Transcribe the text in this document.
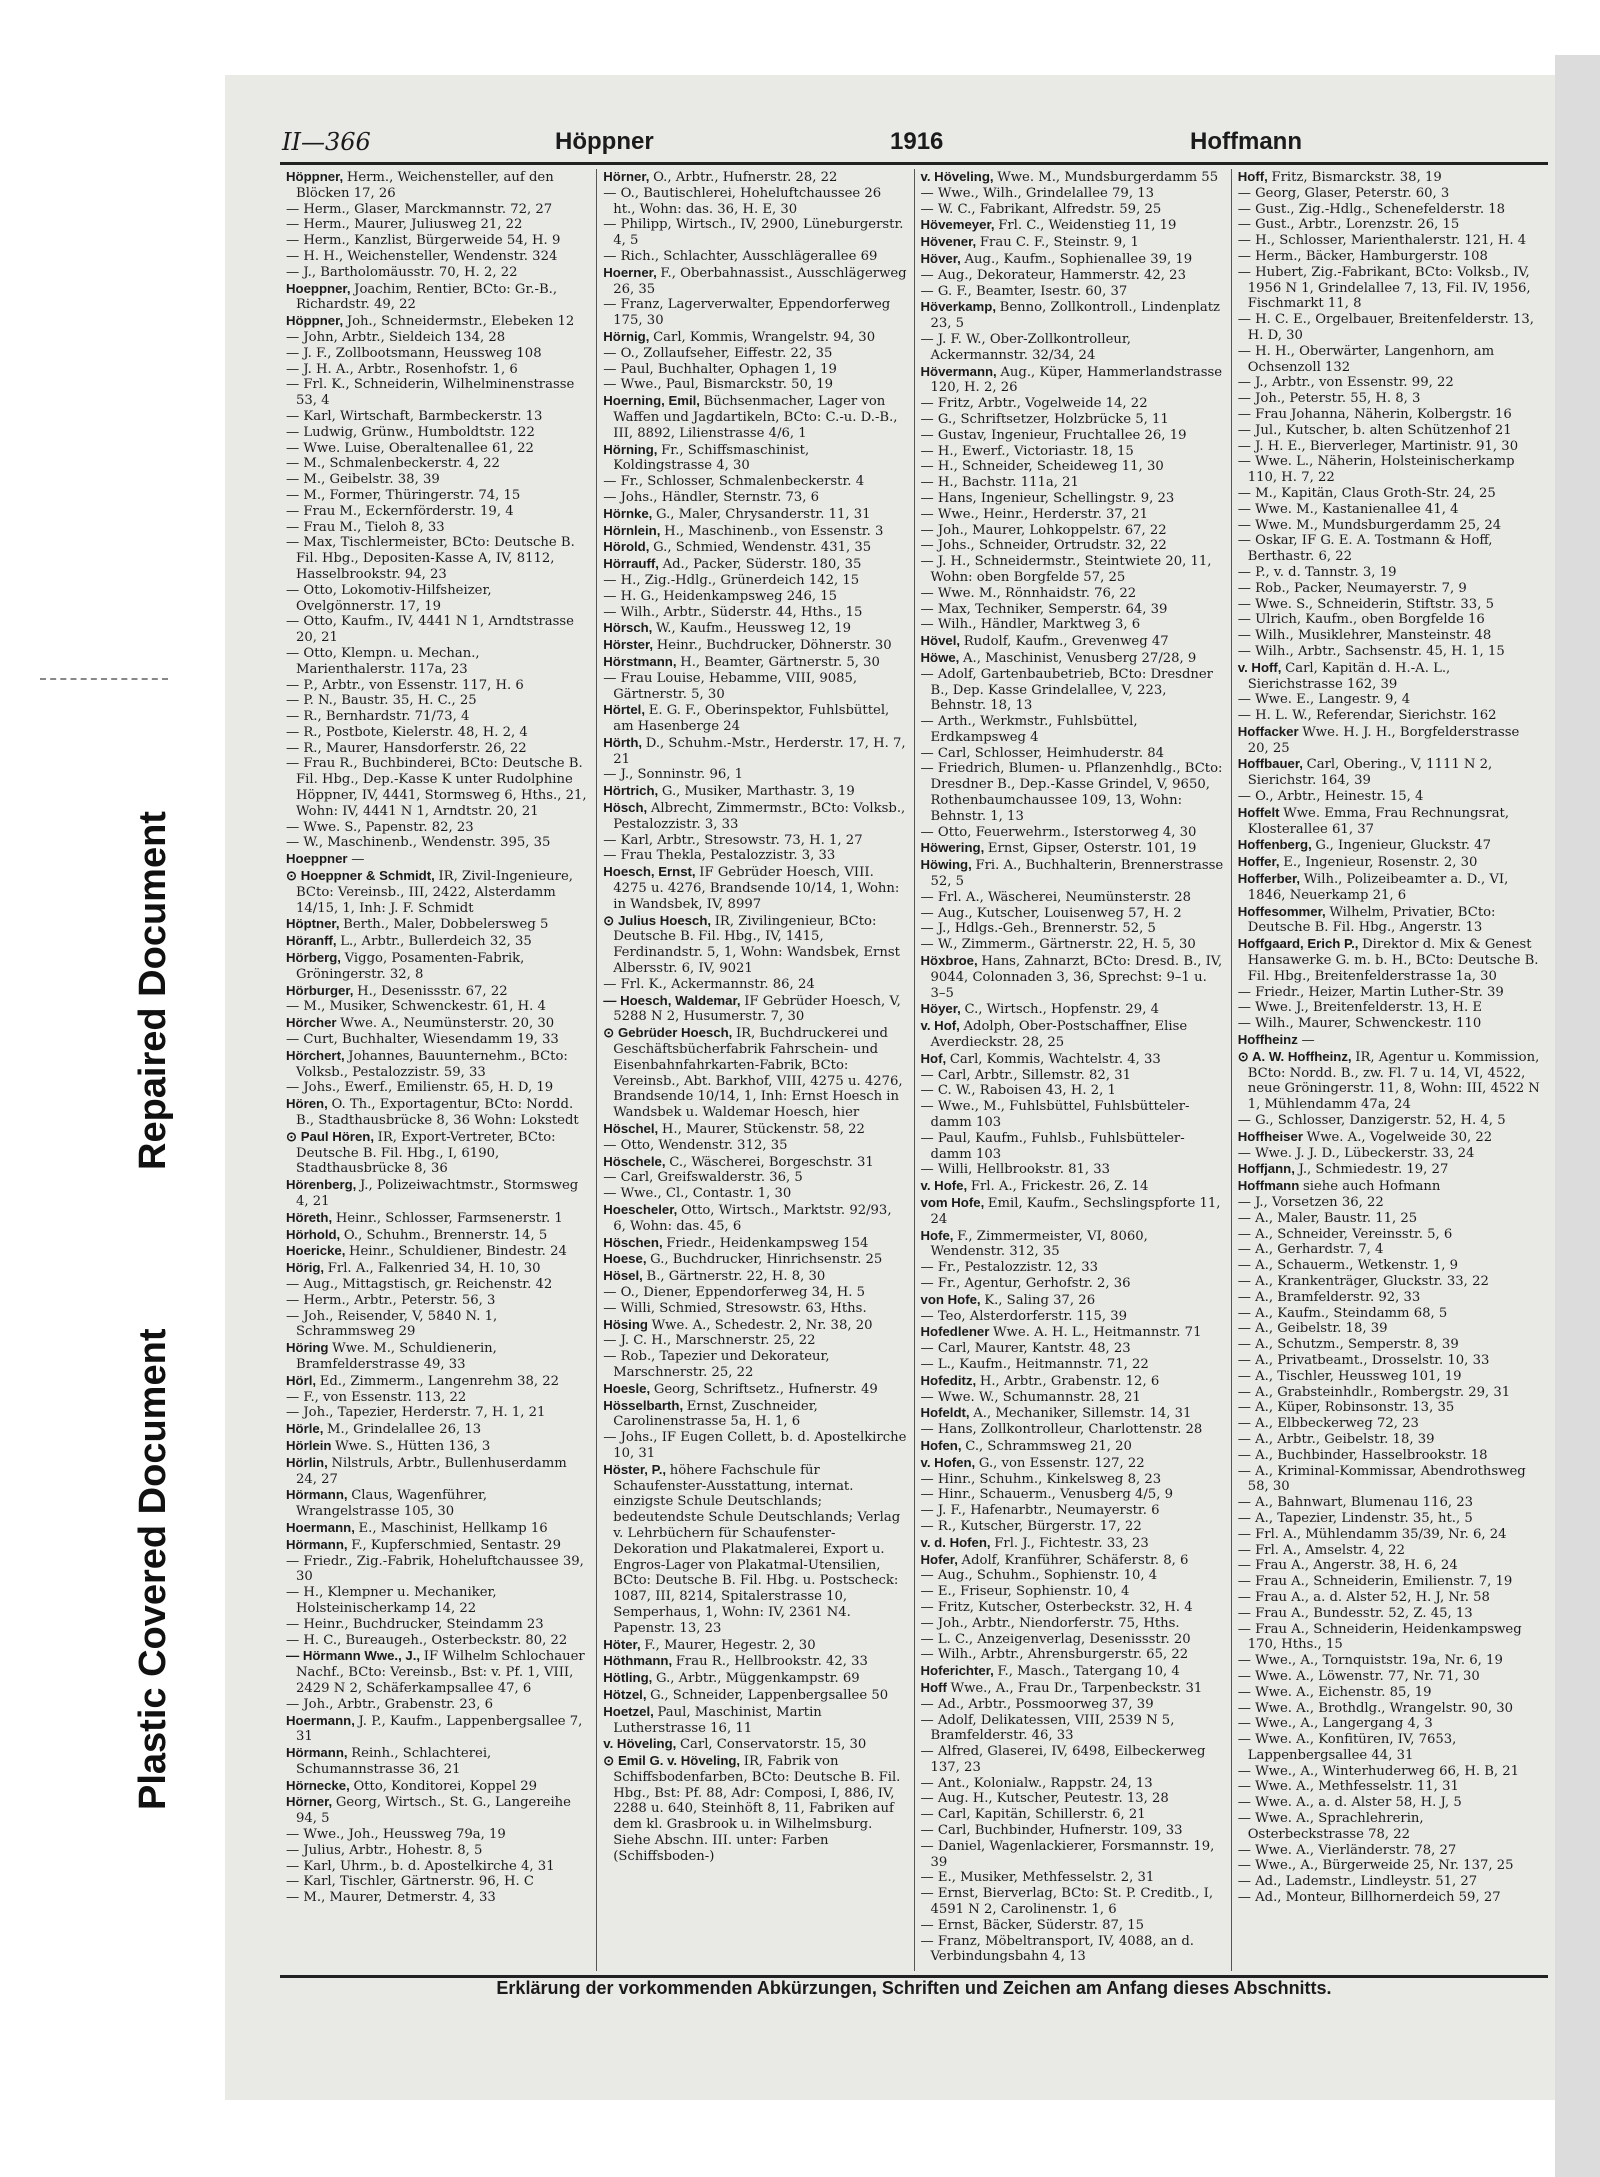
Repaired Document
Plastic Covered Document
II—366	Höppner	1916	Hoffmann

Höppner, Herm., Weichensteller, auf den Blöcken 17, 26

— Herm., Glaser, Marckmannstr. 72, 27

— Herm., Maurer, Juliusweg 21, 22

— Herm., Kanzlist, Bürgerweide 54, H. 9

— H. H., Weichensteller, Wendenstr. 324

— J., Bartholomäusstr. 70, H. 2, 22

Hoeppner, Joachim, Rentier, BCto: Gr.-B., Richardstr. 49, 22

Höppner, Joh., Schneidermstr., Elebeken 12

— John, Arbtr., Sieldeich 134, 28

— J. F., Zollbootsmann, Heussweg 108

— J. H. A., Arbtr., Rosenhofstr. 1, 6

— Frl. K., Schneiderin, Wilhelminenstrasse 53, 4

— Karl, Wirtschaft, Barmbeckerstr. 13

— Ludwig, Grünw., Humboldtstr. 122

— Wwe. Luise, Oberaltenallee 61, 22

— M., Schmalenbeckerstr. 4, 22

— M., Geibelstr. 38, 39

— M., Former, Thüringerstr. 74, 15

— Frau M., Eckernförderstr. 19, 4

— Frau M., Tieloh 8, 33

— Max, Tischlermeister, BCto: Deutsche B. Fil. Hbg., Depositen-Kasse A, IV, 8112, Hasselbrookstr. 94, 23

— Otto, Lokomotiv-Hilfsheizer, Ovelgönnerstr. 17, 19

— Otto, Kaufm., IV, 4441 N 1, Arndtstrasse 20, 21

— Otto, Klempn. u. Mechan., Marienthalerstr. 117a, 23

— P., Arbtr., von Essenstr. 117, H. 6

— P. N., Baustr. 35, H. C., 25

— R., Bernhardstr. 71/73, 4

— R., Postbote, Kielerstr. 48, H. 2, 4

— R., Maurer, Hansdorferstr. 26, 22

— Frau R., Buchbinderei, BCto: Deutsche B. Fil. Hbg., Dep.-Kasse K unter Rudolphine Höppner, IV, 4441, Stormsweg 6, Hths., 21, Wohn: IV, 4441 N 1, Arndtstr. 20, 21

— Wwe. S., Papenstr. 82, 23

— W., Maschinenb., Wendenstr. 395, 35

Hoeppner —

⊙ Hoeppner & Schmidt, IR, Zivil-Ingenieure, BCto: Vereinsb., III, 2422, Alsterdamm 14/15, 1, Inh: J. F. Schmidt

Höptner, Berth., Maler, Dobbelersweg 5

Höranff, L., Arbtr., Bullerdeich 32, 35

Hörberg, Viggo, Posamenten-Fabrik, Gröningerstr. 32, 8

Hörburger, H., Desenissstr. 67, 22

— M., Musiker, Schwenckestr. 61, H. 4

Hörcher Wwe. A., Neumünsterstr. 20, 30

— Curt, Buchhalter, Wiesendamm 19, 33

Hörchert, Johannes, Bauunternehm., BCto: Volksb., Pestalozzistr. 59, 33

— Johs., Ewerf., Emilienstr. 65, H. D, 19

Hören, O. Th., Exportagentur, BCto: Nordd. B., Stadthausbrücke 8, 36 Wohn: Lokstedt

⊙ Paul Hören, IR, Export-Vertreter, BCto: Deutsche B. Fil. Hbg., I, 6190, Stadthausbrücke 8, 36

Hörenberg, J., Polizeiwachtmstr., Stormsweg 4, 21

Höreth, Heinr., Schlosser, Farmsenerstr. 1

Hörhold, O., Schuhm., Brennerstr. 14, 5

Hoericke, Heinr., Schuldiener, Bindestr. 24

Hörig, Frl. A., Falkenried 34, H. 10, 30

— Aug., Mittagstisch, gr. Reichenstr. 42

— Herm., Arbtr., Peterstr. 56, 3

— Joh., Reisender, V, 5840 N. 1, Schrammsweg 29

Höring Wwe. M., Schuldienerin, Bramfelderstrasse 49, 33

Hörl, Ed., Zimmerm., Langenrehm 38, 22

— F., von Essenstr. 113, 22

— Joh., Tapezier, Herderstr. 7, H. 1, 21

Hörle, M., Grindelallee 26, 13

Hörlein Wwe. S., Hütten 136, 3

Hörlin, Nilstruls, Arbtr., Bullenhuserdamm 24, 27

Hörmann, Claus, Wagenführer, Wrangelstrasse 105, 30

Hoermann, E., Maschinist, Hellkamp 16

Hörmann, F., Kupferschmied, Sentastr. 29

— Friedr., Zig.-Fabrik, Hoheluftchaussee 39, 30

— H., Klempner u. Mechaniker, Holsteinischerkamp 14, 22

— Heinr., Buchdrucker, Steindamm 23

— H. C., Bureaugeh., Osterbeckstr. 80, 22

— Hörmann Wwe., J., IF Wilhelm Schlochauer Nachf., BCto: Vereinsb., Bst: v. Pf. 1, VIII, 2429 N 2, Schäferkampsallee 47, 6

— Joh., Arbtr., Grabenstr. 23, 6

Hoermann, J. P., Kaufm., Lappenbergsallee 7, 31

Hörmann, Reinh., Schlachterei, Schumannstrasse 36, 21

Hörnecke, Otto, Konditorei, Koppel 29

Hörner, Georg, Wirtsch., St. G., Langereihe 94, 5

— Wwe., Joh., Heussweg 79a, 19

— Julius, Arbtr., Hohestr. 8, 5

— Karl, Uhrm., b. d. Apostelkirche 4, 31

— Karl, Tischler, Gärtnerstr. 96, H. C

— M., Maurer, Detmerstr. 4, 33

Hörner, O., Arbtr., Hufnerstr. 28, 22

— O., Bautischlerei, Hoheluftchaussee 26 ht., Wohn: das. 36, H. E, 30

— Philipp, Wirtsch., IV, 2900, Lüneburgerstr. 4, 5

— Rich., Schlachter, Ausschlägerallee 69

Hoerner, F., Oberbahnassist., Ausschlägerweg 26, 35

— Franz, Lagerverwalter, Eppendorferweg 175, 30

Hörnig, Carl, Kommis, Wrangelstr. 94, 30

— O., Zollaufseher, Eiffestr. 22, 35

— Paul, Buchhalter, Ophagen 1, 19

— Wwe., Paul, Bismarckstr. 50, 19

Hoerning, Emil, Büchsenmacher, Lager von Waffen und Jagdartikeln, BCto: C.-u. D.-B., III, 8892, Lilienstrasse 4/6, 1

Hörning, Fr., Schiffsmaschinist, Koldingstrasse 4, 30

— Fr., Schlosser, Schmalenbeckerstr. 4

— Johs., Händler, Sternstr. 73, 6

Hörnke, G., Maler, Chrysanderstr. 11, 31

Hörnlein, H., Maschinenb., von Essenstr. 3

Hörold, G., Schmied, Wendenstr. 431, 35

Hörrauff, Ad., Packer, Süderstr. 180, 35

— H., Zig.-Hdlg., Grünerdeich 142, 15

— H. G., Heidenkampsweg 246, 15

— Wilh., Arbtr., Süderstr. 44, Hths., 15

Hörsch, W., Kaufm., Heussweg 12, 19

Hörster, Heinr., Buchdrucker, Döhnerstr. 30

Hörstmann, H., Beamter, Gärtnerstr. 5, 30

— Frau Louise, Hebamme, VIII, 9085, Gärtnerstr. 5, 30

Hörtel, E. G. F., Oberinspektor, Fuhlsbüttel, am Hasenberge 24

Hörth, D., Schuhm.-Mstr., Herderstr. 17, H. 7, 21

— J., Sonninstr. 96, 1

Hörtrich, G., Musiker, Marthastr. 3, 19

Hösch, Albrecht, Zimmermstr., BCto: Volksb., Pestalozzistr. 3, 33

— Karl, Arbtr., Stresowstr. 73, H. 1, 27

— Frau Thekla, Pestalozzistr. 3, 33

Hoesch, Ernst, IF Gebrüder Hoesch, VIII. 4275 u. 4276, Brandsende 10/14, 1, Wohn: in Wandsbek, IV, 8997

⊙ Julius Hoesch, IR, Zivilingenieur, BCto: Deutsche B. Fil. Hbg., IV, 1415, Ferdinandstr. 5, 1, Wohn: Wandsbek, Ernst Albersstr. 6, IV, 9021

— Frl. K., Ackermannstr. 86, 24

— Hoesch, Waldemar, IF Gebrüder Hoesch, V, 5288 N 2, Husumerstr. 7, 30

⊙ Gebrüder Hoesch, IR, Buchdruckerei und Geschäftsbücherfabrik Fahrschein- und Eisenbahnfahrkarten-Fabrik, BCto: Vereinsb., Abt. Barkhof, VIII, 4275 u. 4276, Brandsende 10/14, 1, Inh: Ernst Hoesch in Wandsbek u. Waldemar Hoesch, hier

Höschel, H., Maurer, Stückenstr. 58, 22

— Otto, Wendenstr. 312, 35

Höschele, C., Wäscherei, Borgeschstr. 31

— Carl, Greifswalderstr. 36, 5

— Wwe., Cl., Contastr. 1, 30

Hoescheler, Otto, Wirtsch., Marktstr. 92/93, 6, Wohn: das. 45, 6

Höschen, Friedr., Heidenkampsweg 154

Hoese, G., Buchdrucker, Hinrichsenstr. 25

Hösel, B., Gärtnerstr. 22, H. 8, 30

— O., Diener, Eppendorferweg 34, H. 5

— Willi, Schmied, Stresowstr. 63, Hths.

Hösing Wwe. A., Schedestr. 2, Nr. 38, 20

— J. C. H., Marschnerstr. 25, 22

— Rob., Tapezier und Dekorateur, Marschnerstr. 25, 22

Hoesle, Georg, Schriftsetz., Hufnerstr. 49

Hösselbarth, Ernst, Zuschneider, Carolinenstrasse 5a, H. 1, 6

— Johs., IF Eugen Collett, b. d. Apostelkirche 10, 31

Höster, P., höhere Fachschule für Schaufenster-Ausstattung, internat. einzigste Schule Deutschlands; bedeutendste Schule Deutschlands; Verlag v. Lehrbüchern für Schaufenster-Dekoration und Plakatmalerei, Export u. Engros-Lager von Plakatmal-Utensilien, BCto: Deutsche B. Fil. Hbg. u. Postscheck: 1087, III, 8214, Spitalerstrasse 10, Semperhaus, 1, Wohn: IV, 2361 N4. Papenstr. 13, 23

Höter, F., Maurer, Hegestr. 2, 30

Höthmann, Frau R., Hellbrookstr. 42, 33

Hötling, G., Arbtr., Müggenkampstr. 69

Hötzel, G., Schneider, Lappenbergsallee 50

Hoetzel, Paul, Maschinist, Martin Lutherstrasse 16, 11

v. Höveling, Carl, Conservatorstr. 15, 30

⊙ Emil G. v. Höveling, IR, Fabrik von Schiffsbodenfarben, BCto: Deutsche B. Fil. Hbg., Bst: Pf. 88, Adr: Composi, I, 886, IV, 2288 u. 640, Steinhöft 8, 11, Fabriken auf dem kl. Grasbrook u. in Wilhelmsburg. Siehe Abschn. III. unter: Farben (Schiffsboden-)

v. Höveling, Wwe. M., Mundsburgerdamm 55

— Wwe., Wilh., Grindelallee 79, 13

— W. C., Fabrikant, Alfredstr. 59, 25

Hövemeyer, Frl. C., Weidenstieg 11, 19

Hövener, Frau C. F., Steinstr. 9, 1

Höver, Aug., Kaufm., Sophienallee 39, 19

— Aug., Dekorateur, Hammerstr. 42, 23

— G. F., Beamter, Isestr. 60, 37

Höverkamp, Benno, Zollkontroll., Lindenplatz 23, 5

— J. F. W., Ober-Zollkontrolleur, Ackermannstr. 32/34, 24

Hövermann, Aug., Küper, Hammerlandstrasse 120, H. 2, 26

— Fritz, Arbtr., Vogelweide 14, 22

— G., Schriftsetzer, Holzbrücke 5, 11

— Gustav, Ingenieur, Fruchtallee 26, 19

— H., Ewerf., Victoriastr. 18, 15

— H., Schneider, Scheideweg 11, 30

— H., Bachstr. 111a, 21

— Hans, Ingenieur, Schellingstr. 9, 23

— Wwe., Heinr., Herderstr. 37, 21

— Joh., Maurer, Lohkoppelstr. 67, 22

— Johs., Schneider, Ortrudstr. 32, 22

— J. H., Schneidermstr., Steintwiete 20, 11, Wohn: oben Borgfelde 57, 25

— Wwe. M., Rönnhaidstr. 76, 22

— Max, Techniker, Semperstr. 64, 39

— Wilh., Händler, Marktweg 3, 6

Hövel, Rudolf, Kaufm., Grevenweg 47

Höwe, A., Maschinist, Venusberg 27/28, 9

— Adolf, Gartenbaubetrieb, BCto: Dresdner B., Dep. Kasse Grindelallee, V, 223, Behnstr. 18, 13

— Arth., Werkmstr., Fuhlsbüttel, Erdkampsweg 4

— Carl, Schlosser, Heimhuderstr. 84

— Friedrich, Blumen- u. Pflanzenhdlg., BCto: Dresdner B., Dep.-Kasse Grindel, V, 9650, Rothenbaumchaussee 109, 13, Wohn: Behnstr. 1, 13

— Otto, Feuerwehrm., Isterstorweg 4, 30

Höwering, Ernst, Gipser, Osterstr. 101, 19

Höwing, Fri. A., Buchhalterin, Brennerstrasse 52, 5

— Frl. A., Wäscherei, Neumünsterstr. 28

— Aug., Kutscher, Louisenweg 57, H. 2

— J., Hdlgs.-Geh., Brennerstr. 52, 5

— W., Zimmerm., Gärtnerstr. 22, H. 5, 30

Höxbroe, Hans, Zahnarzt, BCto: Dresd. B., IV, 9044, Colonnaden 3, 36, Sprechst: 9–1 u. 3–5

Höyer, C., Wirtsch., Hopfenstr. 29, 4

v. Hof, Adolph, Ober-Postschaffner, Elise Averdieckstr. 28, 25

Hof, Carl, Kommis, Wachtelstr. 4, 33

— Carl, Arbtr., Sillemstr. 82, 31

— C. W., Raboisen 43, H. 2, 1

— Wwe., M., Fuhlsbüttel, Fuhlsbütteler-damm 103

— Paul, Kaufm., Fuhlsb., Fuhlsbütteler-damm 103

— Willi, Hellbrookstr. 81, 33

v. Hofe, Frl. A., Frickestr. 26, Z. 14

vom Hofe, Emil, Kaufm., Sechslingspforte 11, 24

Hofe, F., Zimmermeister, VI, 8060, Wendenstr. 312, 35

— Fr., Pestalozzistr. 12, 33

— Fr., Agentur, Gerhofstr. 2, 36

von Hofe, K., Saling 37, 26

— Teo, Alsterdorferstr. 115, 39

Hofedlener Wwe. A. H. L., Heitmannstr. 71

— Carl, Maurer, Kantstr. 48, 23

— L., Kaufm., Heitmannstr. 71, 22

Hofeditz, H., Arbtr., Grabenstr. 12, 6

— Wwe. W., Schumannstr. 28, 21

Hofeldt, A., Mechaniker, Sillemstr. 14, 31

— Hans, Zollkontrolleur, Charlottenstr. 28

Hofen, C., Schrammsweg 21, 20

v. Hofen, G., von Essenstr. 127, 22

— Hinr., Schuhm., Kinkelsweg 8, 23

— Hinr., Schauerm., Venusberg 4/5, 9

— J. F., Hafenarbtr., Neumayerstr. 6

— R., Kutscher, Bürgerstr. 17, 22

v. d. Hofen, Frl. J., Fichtestr. 33, 23

Hofer, Adolf, Kranführer, Schäferstr. 8, 6

— Aug., Schuhm., Sophienstr. 10, 4

— E., Friseur, Sophienstr. 10, 4

— Fritz, Kutscher, Osterbeckstr. 32, H. 4

— Joh., Arbtr., Niendorferstr. 75, Hths.

— L. C., Anzeigenverlag, Desenissstr. 20

— Wilh., Arbtr., Ahrensburgerstr. 65, 22

Hoferichter, F., Masch., Tatergang 10, 4

Hoff Wwe., A., Frau Dr., Tarpenbeckstr. 31

— Ad., Arbtr., Possmoorweg 37, 39

— Adolf, Delikatessen, VIII, 2539 N 5, Bramfelderstr. 46, 33

— Alfred, Glaserei, IV, 6498, Eilbeckerweg 137, 23

— Ant., Kolonialw., Rappstr. 24, 13

— Aug. H., Kutscher, Peutestr. 13, 28

— Carl, Kapitän, Schillerstr. 6, 21

— Carl, Buchbinder, Hufnerstr. 109, 33

— Daniel, Wagenlackierer, Forsmannstr. 19, 39

— E., Musiker, Methfesselstr. 2, 31

— Ernst, Bierverlag, BCto: St. P. Creditb., I, 4591 N 2, Carolinenstr. 1, 6

— Ernst, Bäcker, Süderstr. 87, 15

— Franz, Möbeltransport, IV, 4088, an d. Verbindungsbahn 4, 13

Hoff, Fritz, Bismarckstr. 38, 19

— Georg, Glaser, Peterstr. 60, 3

— Gust., Zig.-Hdlg., Schenefelderstr. 18

— Gust., Arbtr., Lorenzstr. 26, 15

— H., Schlosser, Marienthalerstr. 121, H. 4

— Herm., Bäcker, Hamburgerstr. 108

— Hubert, Zig.-Fabrikant, BCto: Volksb., IV, 1956 N 1, Grindelallee 7, 13, Fil. IV, 1956, Fischmarkt 11, 8

— H. C. E., Orgelbauer, Breitenfelderstr. 13, H. D, 30

— H. H., Oberwärter, Langenhorn, am Ochsenzoll 132

— J., Arbtr., von Essenstr. 99, 22

— Joh., Peterstr. 55, H. 8, 3

— Frau Johanna, Näherin, Kolbergstr. 16

— Jul., Kutscher, b. alten Schützenhof 21

— J. H. E., Bierverleger, Martinistr. 91, 30

— Wwe. L., Näherin, Holsteinischerkamp 110, H. 7, 22

— M., Kapitän, Claus Groth-Str. 24, 25

— Wwe. M., Kastanienallee 41, 4

— Wwe. M., Mundsburgerdamm 25, 24

— Oskar, IF G. E. A. Tostmann & Hoff, Berthastr. 6, 22

— P., v. d. Tannstr. 3, 19

— Rob., Packer, Neumayerstr. 7, 9

— Wwe. S., Schneiderin, Stiftstr. 33, 5

— Ulrich, Kaufm., oben Borgfelde 16

— Wilh., Musiklehrer, Mansteinstr. 48

— Wilh., Arbtr., Sachsenstr. 45, H. 1, 15

v. Hoff, Carl, Kapitän d. H.-A. L., Sierichstrasse 162, 39

— Wwe. E., Langestr. 9, 4

— H. L. W., Referendar, Sierichstr. 162

Hoffacker Wwe. H. J. H., Borgfelderstrasse 20, 25

Hoffbauer, Carl, Obering., V, 1111 N 2, Sierichstr. 164, 39

— O., Arbtr., Heinestr. 15, 4

Hoffelt Wwe. Emma, Frau Rechnungsrat, Klosterallee 61, 37

Hoffenberg, G., Ingenieur, Gluckstr. 47

Hoffer, E., Ingenieur, Rosenstr. 2, 30

Hofferber, Wilh., Polizeibeamter a. D., VI, 1846, Neuerkamp 21, 6

Hoffesommer, Wilhelm, Privatier, BCto: Deutsche B. Fil. Hbg., Angerstr. 13

Hoffgaard, Erich P., Direktor d. Mix & Genest Hansawerke G. m. b. H., BCto: Deutsche B. Fil. Hbg., Breitenfelderstrasse 1a, 30

— Friedr., Heizer, Martin Luther-Str. 39

— Wwe. J., Breitenfelderstr. 13, H. E

— Wilh., Maurer, Schwenckestr. 110

Hoffheinz —

⊙ A. W. Hoffheinz, IR, Agentur u. Kommission, BCto: Nordd. B., zw. Fl. 7 u. 14, VI, 4522, neue Gröningerstr. 11, 8, Wohn: III, 4522 N 1, Mühlendamm 47a, 24

— G., Schlosser, Danzigerstr. 52, H. 4, 5

Hoffheiser Wwe. A., Vogelweide 30, 22

— Wwe. J. J. D., Lübeckerstr. 33, 24

Hoffjann, J., Schmiedestr. 19, 27

Hoffmann siehe auch Hofmann

— J., Vorsetzen 36, 22

— A., Maler, Baustr. 11, 25

— A., Schneider, Vereinsstr. 5, 6

— A., Gerhardstr. 7, 4

— A., Schauerm., Wetkenstr. 1, 9

— A., Krankenträger, Gluckstr. 33, 22

— A., Bramfelderstr. 92, 33

— A., Kaufm., Steindamm 68, 5

— A., Geibelstr. 18, 39

— A., Schutzm., Semperstr. 8, 39

— A., Privatbeamt., Drosselstr. 10, 33

— A., Tischler, Heussweg 101, 19

— A., Grabsteinhdlr., Rombergstr. 29, 31

— A., Küper, Robinsonstr. 13, 35

— A., Elbbeckerweg 72, 23

— A., Arbtr., Geibelstr. 18, 39

— A., Buchbinder, Hasselbrookstr. 18

— A., Kriminal-Kommissar, Abendrothsweg 58, 30

— A., Bahnwart, Blumenau 116, 23

— A., Tapezier, Lindenstr. 35, ht., 5

— Frl. A., Mühlendamm 35/39, Nr. 6, 24

— Frl. A., Amselstr. 4, 22

— Frau A., Angerstr. 38, H. 6, 24

— Frau A., Schneiderin, Emilienstr. 7, 19

— Frau A., a. d. Alster 52, H. J, Nr. 58

— Frau A., Bundesstr. 52, Z. 45, 13

— Frau A., Schneiderin, Heidenkampsweg 170, Hths., 15

— Wwe., A., Tornquiststr. 19a, Nr. 6, 19

— Wwe. A., Löwenstr. 77, Nr. 71, 30

— Wwe. A., Eichenstr. 85, 19

— Wwe. A., Brothdlg., Wrangelstr. 90, 30

— Wwe., A., Langergang 4, 3

— Wwe. A., Konfitüren, IV, 7653, Lappenbergsallee 44, 31

— Wwe., A., Winterhuderweg 66, H. B, 21

— Wwe. A., Methfesselstr. 11, 31

— Wwe. A., a. d. Alster 58, H. J, 5

— Wwe. A., Sprachlehrerin, Osterbeckstrasse 78, 22

— Wwe. A., Vierländerstr. 78, 27

— Wwe., A., Bürgerweide 25, Nr. 137, 25

— Ad., Lademstr., Lindleystr. 51, 27

— Ad., Monteur, Billhornerdeich 59, 27

Erklärung der vorkommenden Abkürzungen, Schriften und Zeichen am Anfang dieses Abschnitts.
